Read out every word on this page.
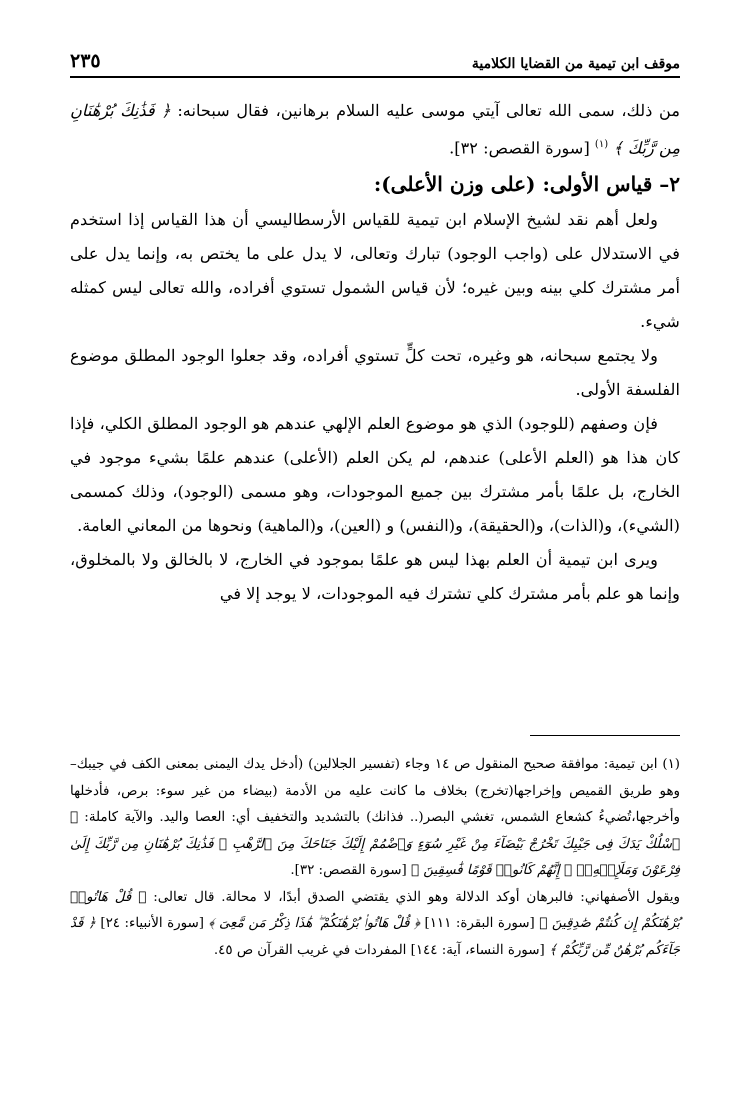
موقف ابن تيمية من القضايا الكلامية
٢٣٥

من ذلك، سمى الله تعالى آيتي موسى عليه السلام برهانين، فقال سبحانه: ﴿ فَذَٰنِكَ بُرْهَٰنَانِ مِن رَّبِّكَ ﴾ $^{(١)}$ [سورة القصص: ٣٢].

٢– قياس الأولى: (على وزن الأعلى):

ولعل أهم نقد لشيخ الإسلام ابن تيمية للقياس الأرسطاليسي أن هذا القياس إذا استخدم في الاستدلال على (واجب الوجود) تبارك وتعالى، لا يدل على ما يختص به، وإنما يدل على أمر مشترك كلي بينه وبين غيره؛ لأن قياس الشمول تستوي أفراده، والله تعالى ليس كمثله شيء.

ولا يجتمع سبحانه، هو وغيره، تحت كلٍّ تستوي أفراده، وقد جعلوا الوجود المطلق موضوع الفلسفة الأولى.

فإن وصفهم (للوجود) الذي هو موضوع العلم الإلهي عندهم هو الوجود المطلق الكلي، فإذا كان هذا هو (العلم الأعلى) عندهم، لم يكن العلم (الأعلى) عندهم علمًا بشيء موجود في الخارج، بل علمًا بأمر مشترك بين جميع الموجودات، وهو مسمى (الوجود)، وذلك كمسمى (الشيء)، و(الذات)، و(الحقيقة)، و(النفس) و (العين)، و(الماهية) ونحوها من المعاني العامة.

ويرى ابن تيمية أن العلم بهذا ليس هو علمًا بموجود في الخارج، لا بالخالق ولا بالمخلوق، وإنما هو علم بأمر مشترك كلي تشترك فيه الموجودات، لا يوجد إلا في

(١) ابن تيمية: موافقة صحيح المنقول ص ١٤ وجاء (تفسير الجلالين) (أدخل يدك اليمنى بمعنى الكف في جيبك– وهو طريق القميص وإخراجها(تخرج) بخلاف ما كانت عليه من الأدمة (بيضاء من غير سوء: برص، فأدخلها وأخرجها،تُضيءُ كشعاع الشمس، تغشي البصر(.. فذانك) بالتشديد والتخفيف أي: العصا واليد. والآية كاملة: ﴿ ٱسْلُكْ يَدَكَ فِى جَيْبِكَ تَخْرُجْ بَيْضَآءَ مِنْ غَيْرِ سُوٓءٍ وَٱضْمُمْ إِلَيْكَ جَنَاحَكَ مِنَ ٱلرَّهْبِ ۖ فَذَٰنِكَ بُرْهَٰنَانِ مِن رَّبِّكَ إِلَىٰ فِرْعَوْنَ وَمَلَإِي۟هِۦٓ ۚ إِنَّهُمْ كَانُوا۟ قَوْمًا فَٰسِقِينَ ﴾ [سورة القصص: ٣٢].

ويقول الأصفهاني: فالبرهان أوكد الدلالة وهو الذي يقتضي الصدق أبدًا، لا محالة. قال تعالى: ﴿ قُلْ هَاتُوا۟ بُرْهَٰنَكُمْ إِن كُنتُمْ صَٰدِقِينَ ﴾ [سورة البقرة: ١١١] ﴿ قُلْ هَاتُوا۟ بُرْهَٰنَكُمْ ۖ هَٰذَا ذِكْرُ مَن مَّعِىَ ﴾ [سورة الأنبياء: ٢٤] ﴿ قَدْ جَآءَكُم بُرْهَٰنٌ مِّن رَّبِّكُمْ ﴾ [سورة النساء، آية: ١٤٤] المفردات في غريب القرآن ص ٤٥.
